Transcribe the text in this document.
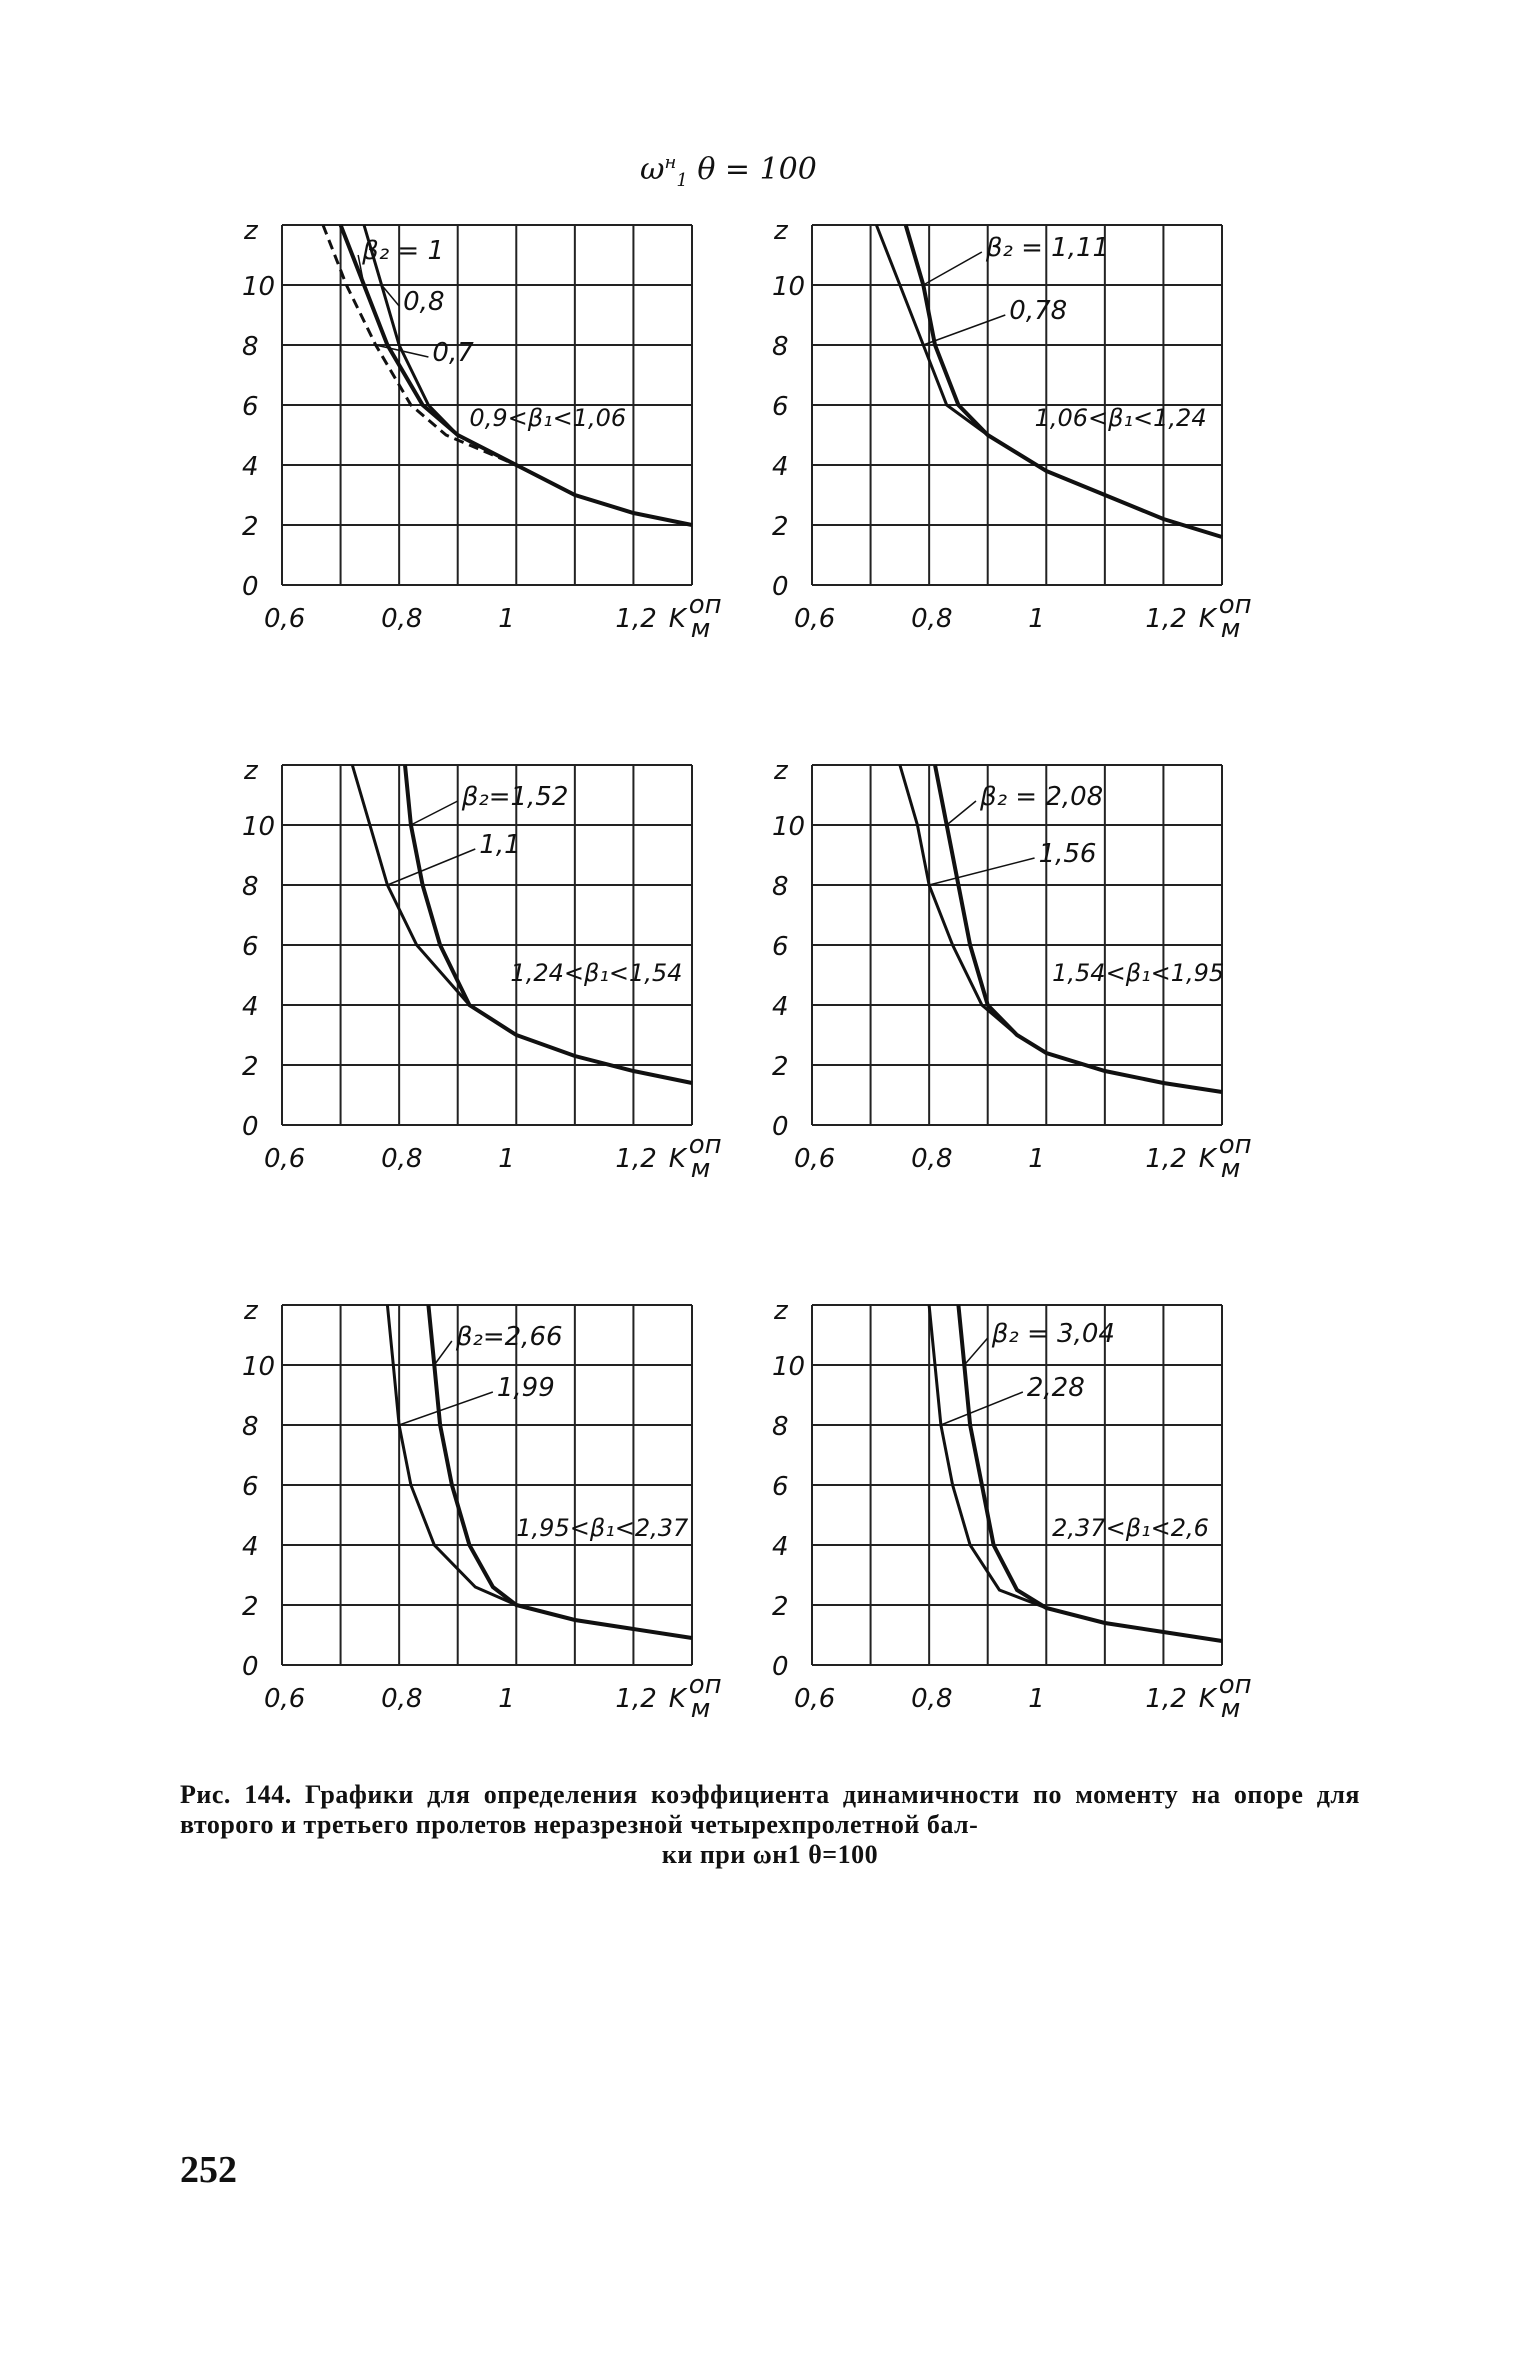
$\omega^н_1$ θ = 100
β₂ = 1
0,8
0,7
0,9<β₁<1,06
0
2
4
6
8
10
z
0,6	0,8	1	1,2 K оп
м
β₂ = 1,11
0,78
1,06<β₁<1,24
0
2
4
6
8
10
z
0,6	0,8	1	1,2 K оп
м
β₂=1,52
1,1
1,24<β₁<1,54
0
2
4
6
8
10
z
0,6	0,8	1	1,2 K оп
м
β₂ = 2,08
1,56
1,54<β₁<1,95
0
2
4
6
8
10
z
0,6	0,8	1	1,2 K оп
м
β₂=2,66
1,99
1,95<β₁<2,37
0
2
4
6
8
10
z
0,6	0,8	1	1,2 K оп
м
β₂ = 3,04
2,28
2,37<β₁<2,6
0
2
4
6
8
10
z
0,6	0,8	1	1,2 K оп
м
Рис. 144. Графики для определения коэффициента динамичности по моменту на опоре для второго и третьего пролетов неразрезной четырехпролетной бал-
ки при ωн1 θ=100
252
